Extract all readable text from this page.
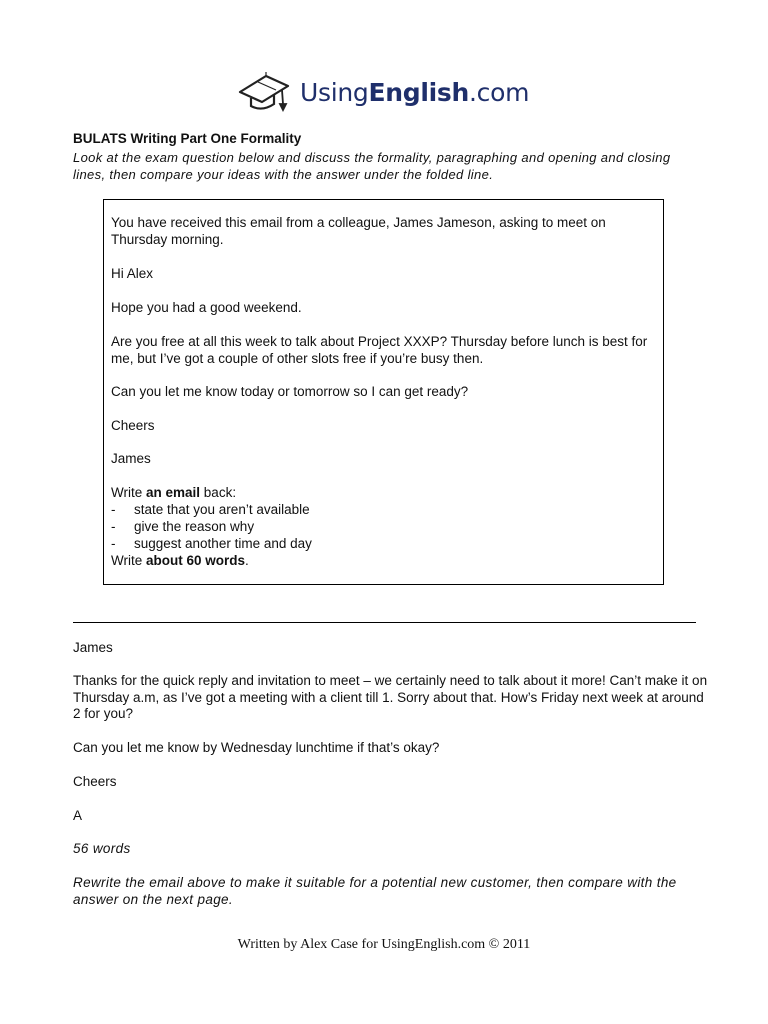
UsingEnglish.com
BULATS Writing Part One Formality
Look at the exam question below and discuss the formality, paragraphing and opening and closing lines, then compare your ideas with the answer under the folded line.
You have received this email from a colleague, James Jameson, asking to meet on Thursday morning.
Hi Alex
Hope you had a good weekend.
Are you free at all this week to talk about Project XXXP? Thursday before lunch is best for me, but I’ve got a couple of other slots free if you’re busy then.
Can you let me know today or tomorrow so I can get ready?
Cheers
James
Write an email back:
- state that you aren’t available
- give the reason why
- suggest another time and day
Write about 60 words.
James
Thanks for the quick reply and invitation to meet – we certainly need to talk about it more! Can’t make it on Thursday a.m, as I’ve got a meeting with a client till 1. Sorry about that. How’s Friday next week at around 2 for you?
Can you let me know by Wednesday lunchtime if that’s okay?
Cheers
A
56 words
Rewrite the email above to make it suitable for a potential new customer, then compare with the answer on the next page.
Written by Alex Case for UsingEnglish.com © 2011
